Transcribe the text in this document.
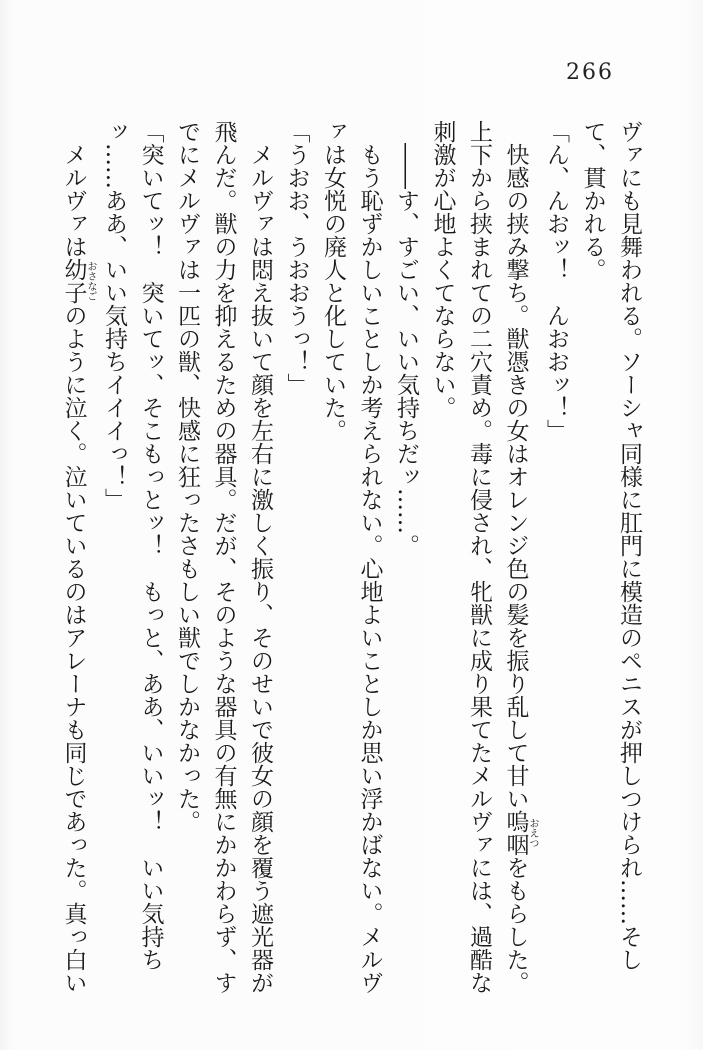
266

ヴァにも見舞われる。ソーシャ同様に肛門に模造のペニスが押しつけられ……そして、貫かれる。

「ん、んおッ！　んおおッ！」

快感の挟み撃ち。獣憑きの女はオレンジ色の髪を振り乱して甘い嗚咽おえつをもらした。上下から挟まれての二穴責め。毒に侵され、牝獣に成り果てたメルヴァには、過酷な刺激が心地よくてならない。

――す、すごい、いい気持ちだッ……。

もう恥ずかしいことしか考えられない。心地よいことしか思い浮かばない。メルヴァは女悦の廃人と化していた。

「うおお、うおおうっ！」

メルヴァは悶え抜いて顔を左右に激しく振り、そのせいで彼女の顔を覆う遮光器が飛んだ。獣の力を抑えるための器具。だが、そのような器具の有無にかかわらず、すでにメルヴァは一匹の獣、快感に狂ったさもしい獣でしかなかった。

「突いてッ！　突いてッ、そこもっとッ！　もっと、ああ、いいッ！　いい気持ちッ……ああ、いい気持ちイイイっ！」

メルヴァは幼子おさなごのように泣く。泣いているのはアレーナも同じであった。真っ白い
